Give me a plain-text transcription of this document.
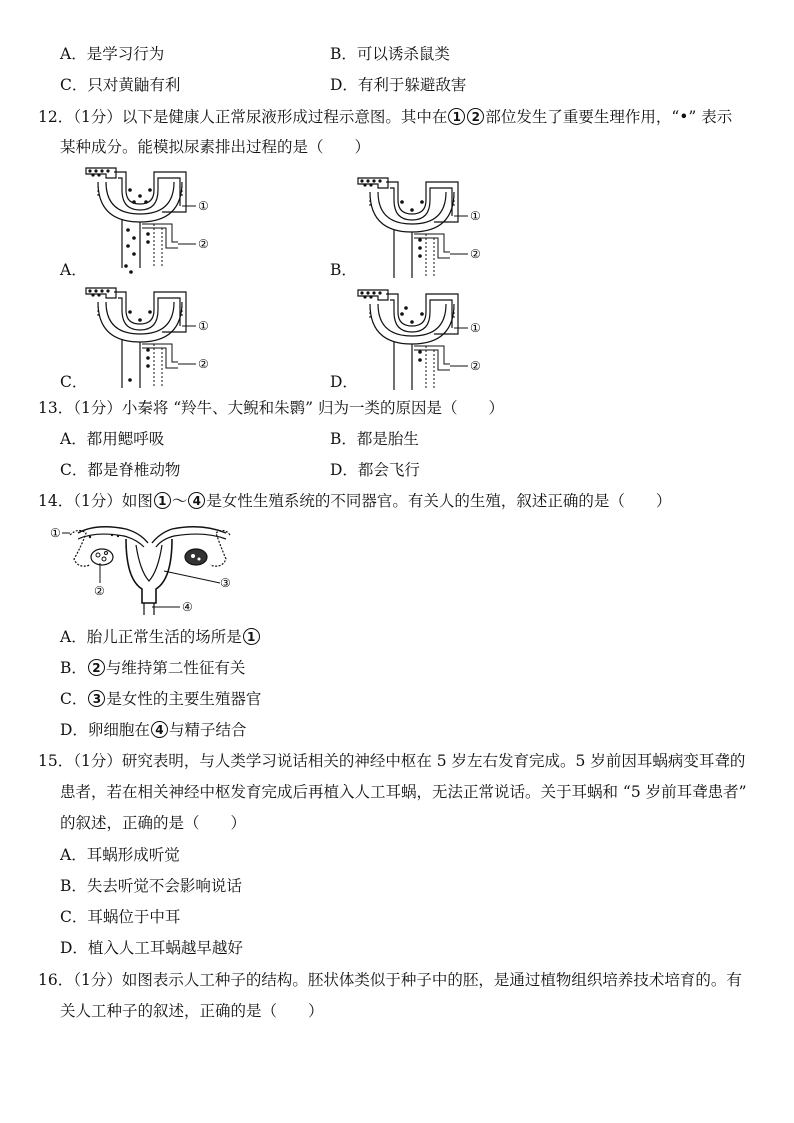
A．是学习行为	B．可以诱杀鼠类
C．只对黄鼬有利	D．有利于躲避敌害
12．（1分）以下是健康人正常尿液形成过程示意图。其中在 1 2 部位发生了重要生理作用，“•” 表示
某种成分。能模拟尿素排出过程的是（　　）
①
②
A．
①
②
B．
①
②
C．
①
②
D．
13．（1分）小秦将 “羚牛、大鲵和朱鹮” 归为一类的原因是（　　）
A．都用鳃呼吸	B．都是胎生
C．都是脊椎动物	D．都会飞行
14．（1分）如图 1 ～ 4 是女性生殖系统的不同器官。有关人的生殖，叙述正确的是（　　）
①
②
③
④
A．胎儿正常生活的场所是 1
B． 2 与维持第二性征有关
C． 3 是女性的主要生殖器官
D．卵细胞在 4 与精子结合
15．（1分）研究表明，与人类学习说话相关的神经中枢在 5 岁左右发育完成。5 岁前因耳蜗病变耳聋的
患者，若在相关神经中枢发育完成后再植入人工耳蜗，无法正常说话。关于耳蜗和 “5 岁前耳聋患者”
的叙述，正确的是（　　）
A．耳蜗形成听觉
B．失去听觉不会影响说话
C．耳蜗位于中耳
D．植入人工耳蜗越早越好
16．（1分）如图表示人工种子的结构。胚状体类似于种子中的胚，是通过植物组织培养技术培育的。有
关人工种子的叙述，正确的是（　　）
